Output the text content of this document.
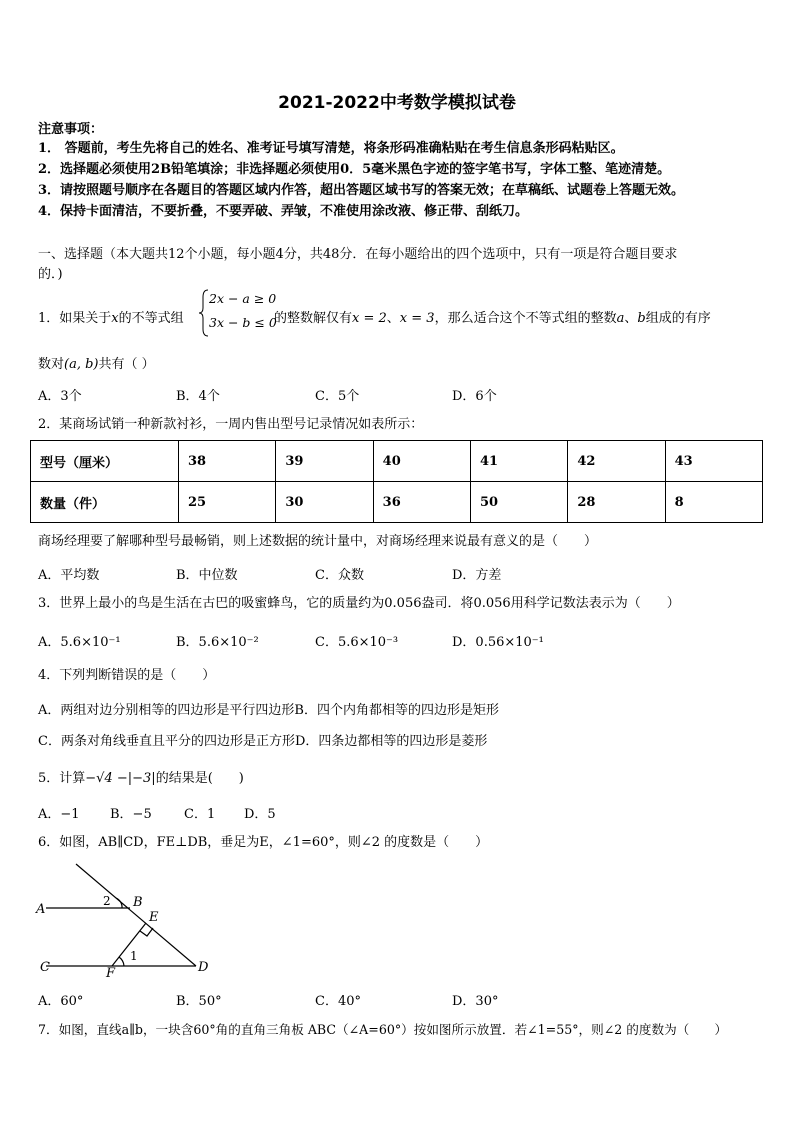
2021-2022中考数学模拟试卷
注意事项：
1． 答题前，考生先将自己的姓名、准考证号填写清楚，将条形码准确粘贴在考生信息条形码粘贴区。
2．选择题必须使用2B铅笔填涂；非选择题必须使用0．5毫米黑色字迹的签字笔书写，字体工整、笔迹清楚。
3．请按照题号顺序在各题目的答题区域内作答，超出答题区域书写的答案无效；在草稿纸、试题卷上答题无效。
4．保持卡面清洁，不要折叠，不要弄破、弄皱，不准使用涂改液、修正带、刮纸刀。
一、选择题（本大题共12个小题，每小题4分，共48分．在每小题给出的四个选项中，只有一项是符合题目要求
的．)
1．如果关于x的不等式组
2x − a ≥ 0
3x − b ≤ 0
的整数解仅有x = 2、x = 3，那么适合这个不等式组的整数a、b组成的有序
数对(a, b)共有（ ）
A．3个	B．4个	C．5个	D．6个
2．某商场试销一种新款衬衫，一周内售出型号记录情况如表所示：
型号（厘米）	38	39	40	41	42	43
数量（件）	25	30	36	50	28	8
商场经理要了解哪种型号最畅销，则上述数据的统计量中，对商场经理来说最有意义的是（　　）
A．平均数	B．中位数	C．众数	D．方差
3．世界上最小的鸟是生活在古巴的吸蜜蜂鸟，它的质量约为0.056盎司．将0.056用科学记数法表示为（　　）
A．5.6×10⁻¹	B．5.6×10⁻²	C．5.6×10⁻³	D．0.56×10⁻¹
4．下列判断错误的是（　　）
A．两组对边分别相等的四边形是平行四边形B．四个内角都相等的四边形是矩形
C．两条对角线垂直且平分的四边形是正方形D．四条边都相等的四边形是菱形
5．计算−√4 −|−3|的结果是(　　)
A．−1 B．−5 C．1 D．5
6．如图，AB∥CD，FE⊥DB，垂足为E，∠1=60°，则∠2 的度数是（　　）
A	B
E
C	F	D
2
1
A．60°	B．50°	C．40°	D．30°
7．如图，直线a∥b，一块含60°角的直角三角板 ABC（∠A=60°）按如图所示放置．若∠1=55°，则∠2 的度数为（　　）
